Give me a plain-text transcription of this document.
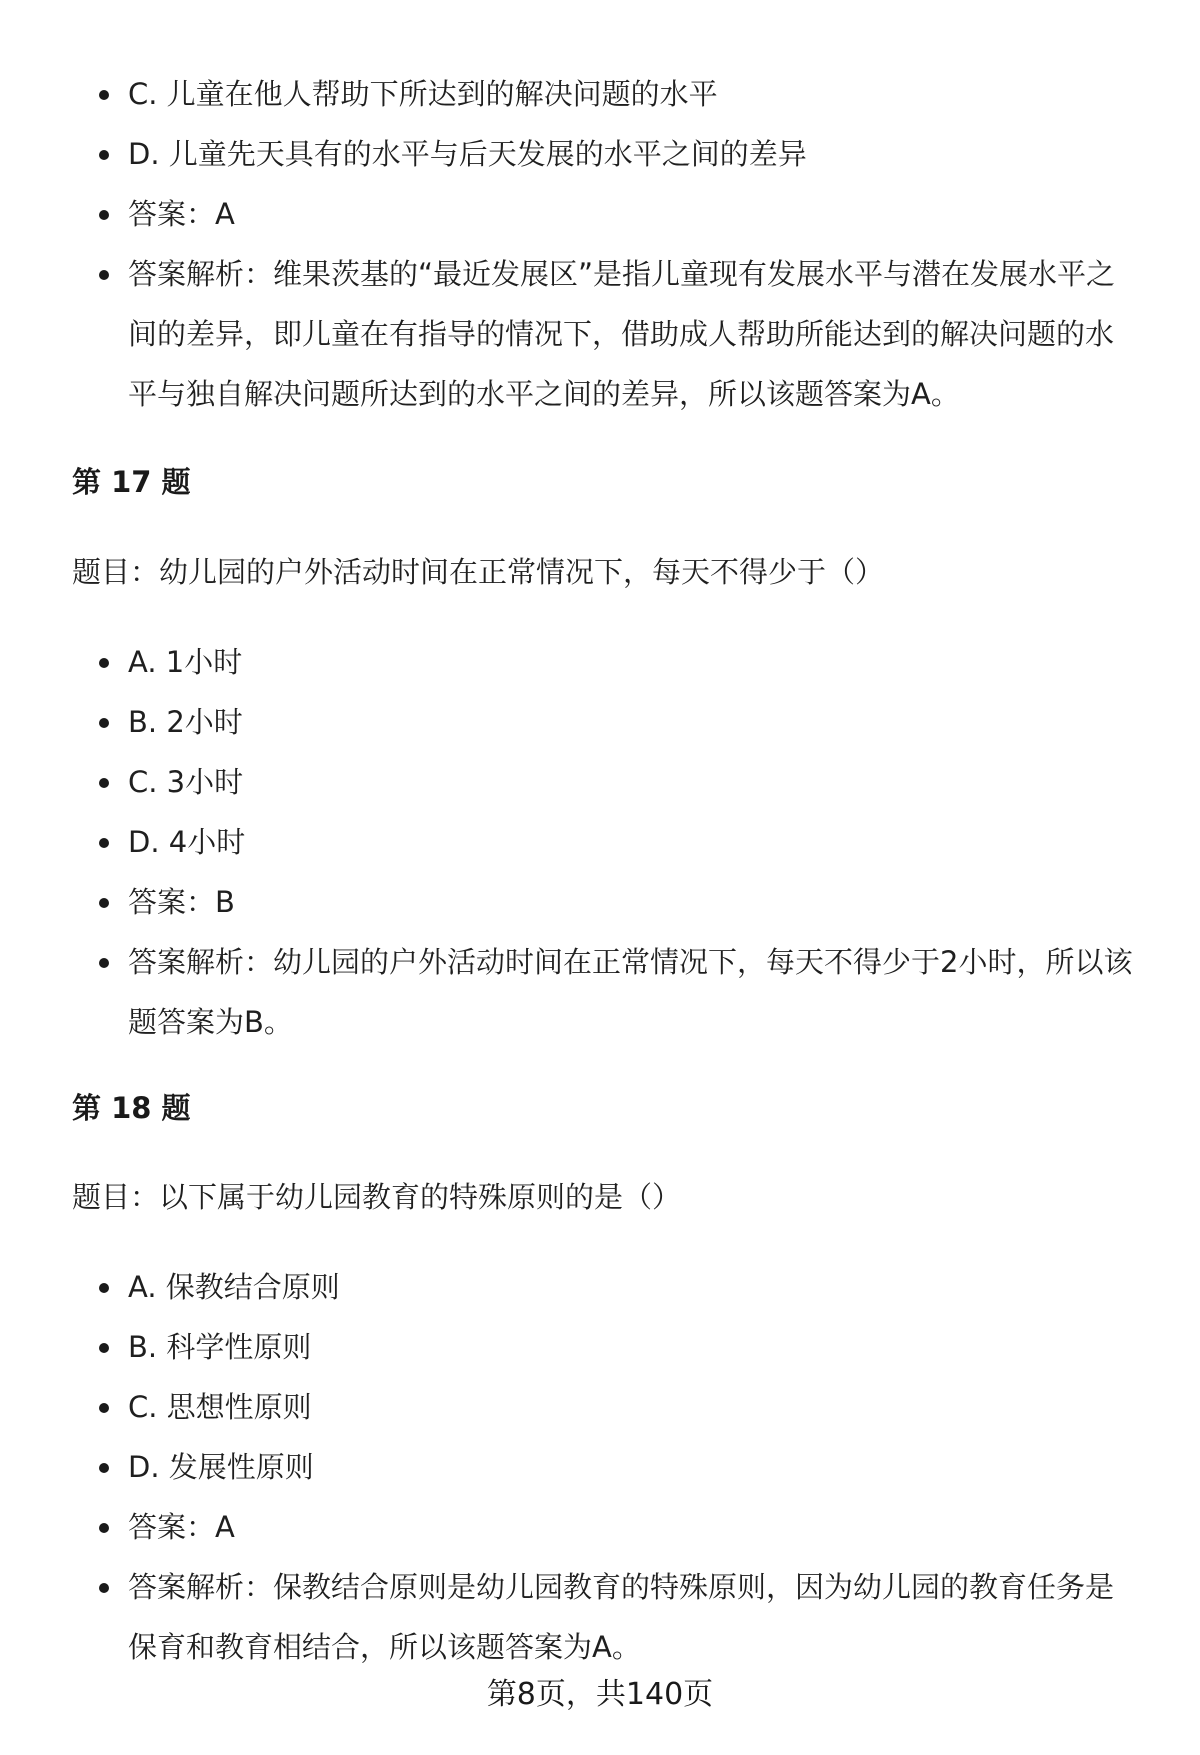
C. 儿童在他人帮助下所达到的解决问题的水平
D. 儿童先天具有的水平与后天发展的水平之间的差异
答案：A
答案解析：维果茨基的“最近发展区”是指儿童现有发展水平与潜在发展水平之间的差异，即儿童在有指导的情况下，借助成人帮助所能达到的解决问题的水平与独自解决问题所达到的水平之间的差异，所以该题答案为A。
第 17 题
题目：幼儿园的户外活动时间在正常情况下，每天不得少于（）
A. 1小时
B. 2小时
C. 3小时
D. 4小时
答案：B
答案解析：幼儿园的户外活动时间在正常情况下，每天不得少于2小时，所以该题答案为B。
第 18 题
题目：以下属于幼儿园教育的特殊原则的是（）
A. 保教结合原则
B. 科学性原则
C. 思想性原则
D. 发展性原则
答案：A
答案解析：保教结合原则是幼儿园教育的特殊原则，因为幼儿园的教育任务是保育和教育相结合，所以该题答案为A。
第8页，共140页
